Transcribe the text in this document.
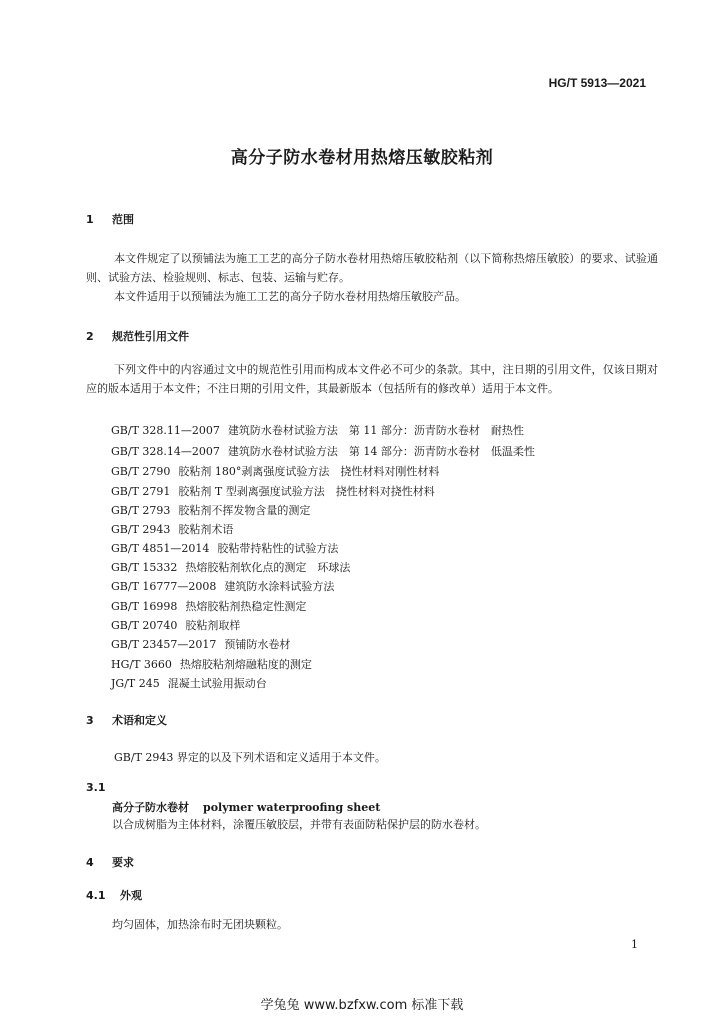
HG/T 5913—2021
高分子防水卷材用热熔压敏胶粘剂
1 范围
本文件规定了以预铺法为施工工艺的高分子防水卷材用热熔压敏胶粘剂（以下简称热熔压敏胶）的要求、试验通则、试验方法、检验规则、标志、包装、运输与贮存。
本文件适用于以预铺法为施工工艺的高分子防水卷材用热熔压敏胶产品。
2 规范性引用文件
下列文件中的内容通过文中的规范性引用而构成本文件必不可少的条款。其中，注日期的引用文件，仅该日期对应的版本适用于本文件；不注日期的引用文件，其最新版本（包括所有的修改单）适用于本文件。
GB/T 328.11—2007 建筑防水卷材试验方法　第 11 部分：沥青防水卷材　耐热性
GB/T 328.14—2007 建筑防水卷材试验方法　第 14 部分：沥青防水卷材　低温柔性
GB/T 2790 胶粘剂 180°剥离强度试验方法　挠性材料对刚性材料
GB/T 2791 胶粘剂 T 型剥离强度试验方法　挠性材料对挠性材料
GB/T 2793 胶粘剂不挥发物含量的测定
GB/T 2943 胶粘剂术语
GB/T 4851—2014 胶粘带持粘性的试验方法
GB/T 15332 热熔胶粘剂软化点的测定　环球法
GB/T 16777—2008 建筑防水涂料试验方法
GB/T 16998 热熔胶粘剂热稳定性测定
GB/T 20740 胶粘剂取样
GB/T 23457—2017 预铺防水卷材
HG/T 3660 热熔胶粘剂熔融粘度的测定
JG/T 245 混凝土试验用振动台
3 术语和定义
GB/T 2943 界定的以及下列术语和定义适用于本文件。
3.1
高分子防水卷材 polymer waterproofing sheet
以合成树脂为主体材料，涂覆压敏胶层，并带有表面防粘保护层的防水卷材。
4 要求
4.1 外观
均匀固体，加热涂布时无团块颗粒。
1
学兔兔 www.bzfxw.com 标准下载
